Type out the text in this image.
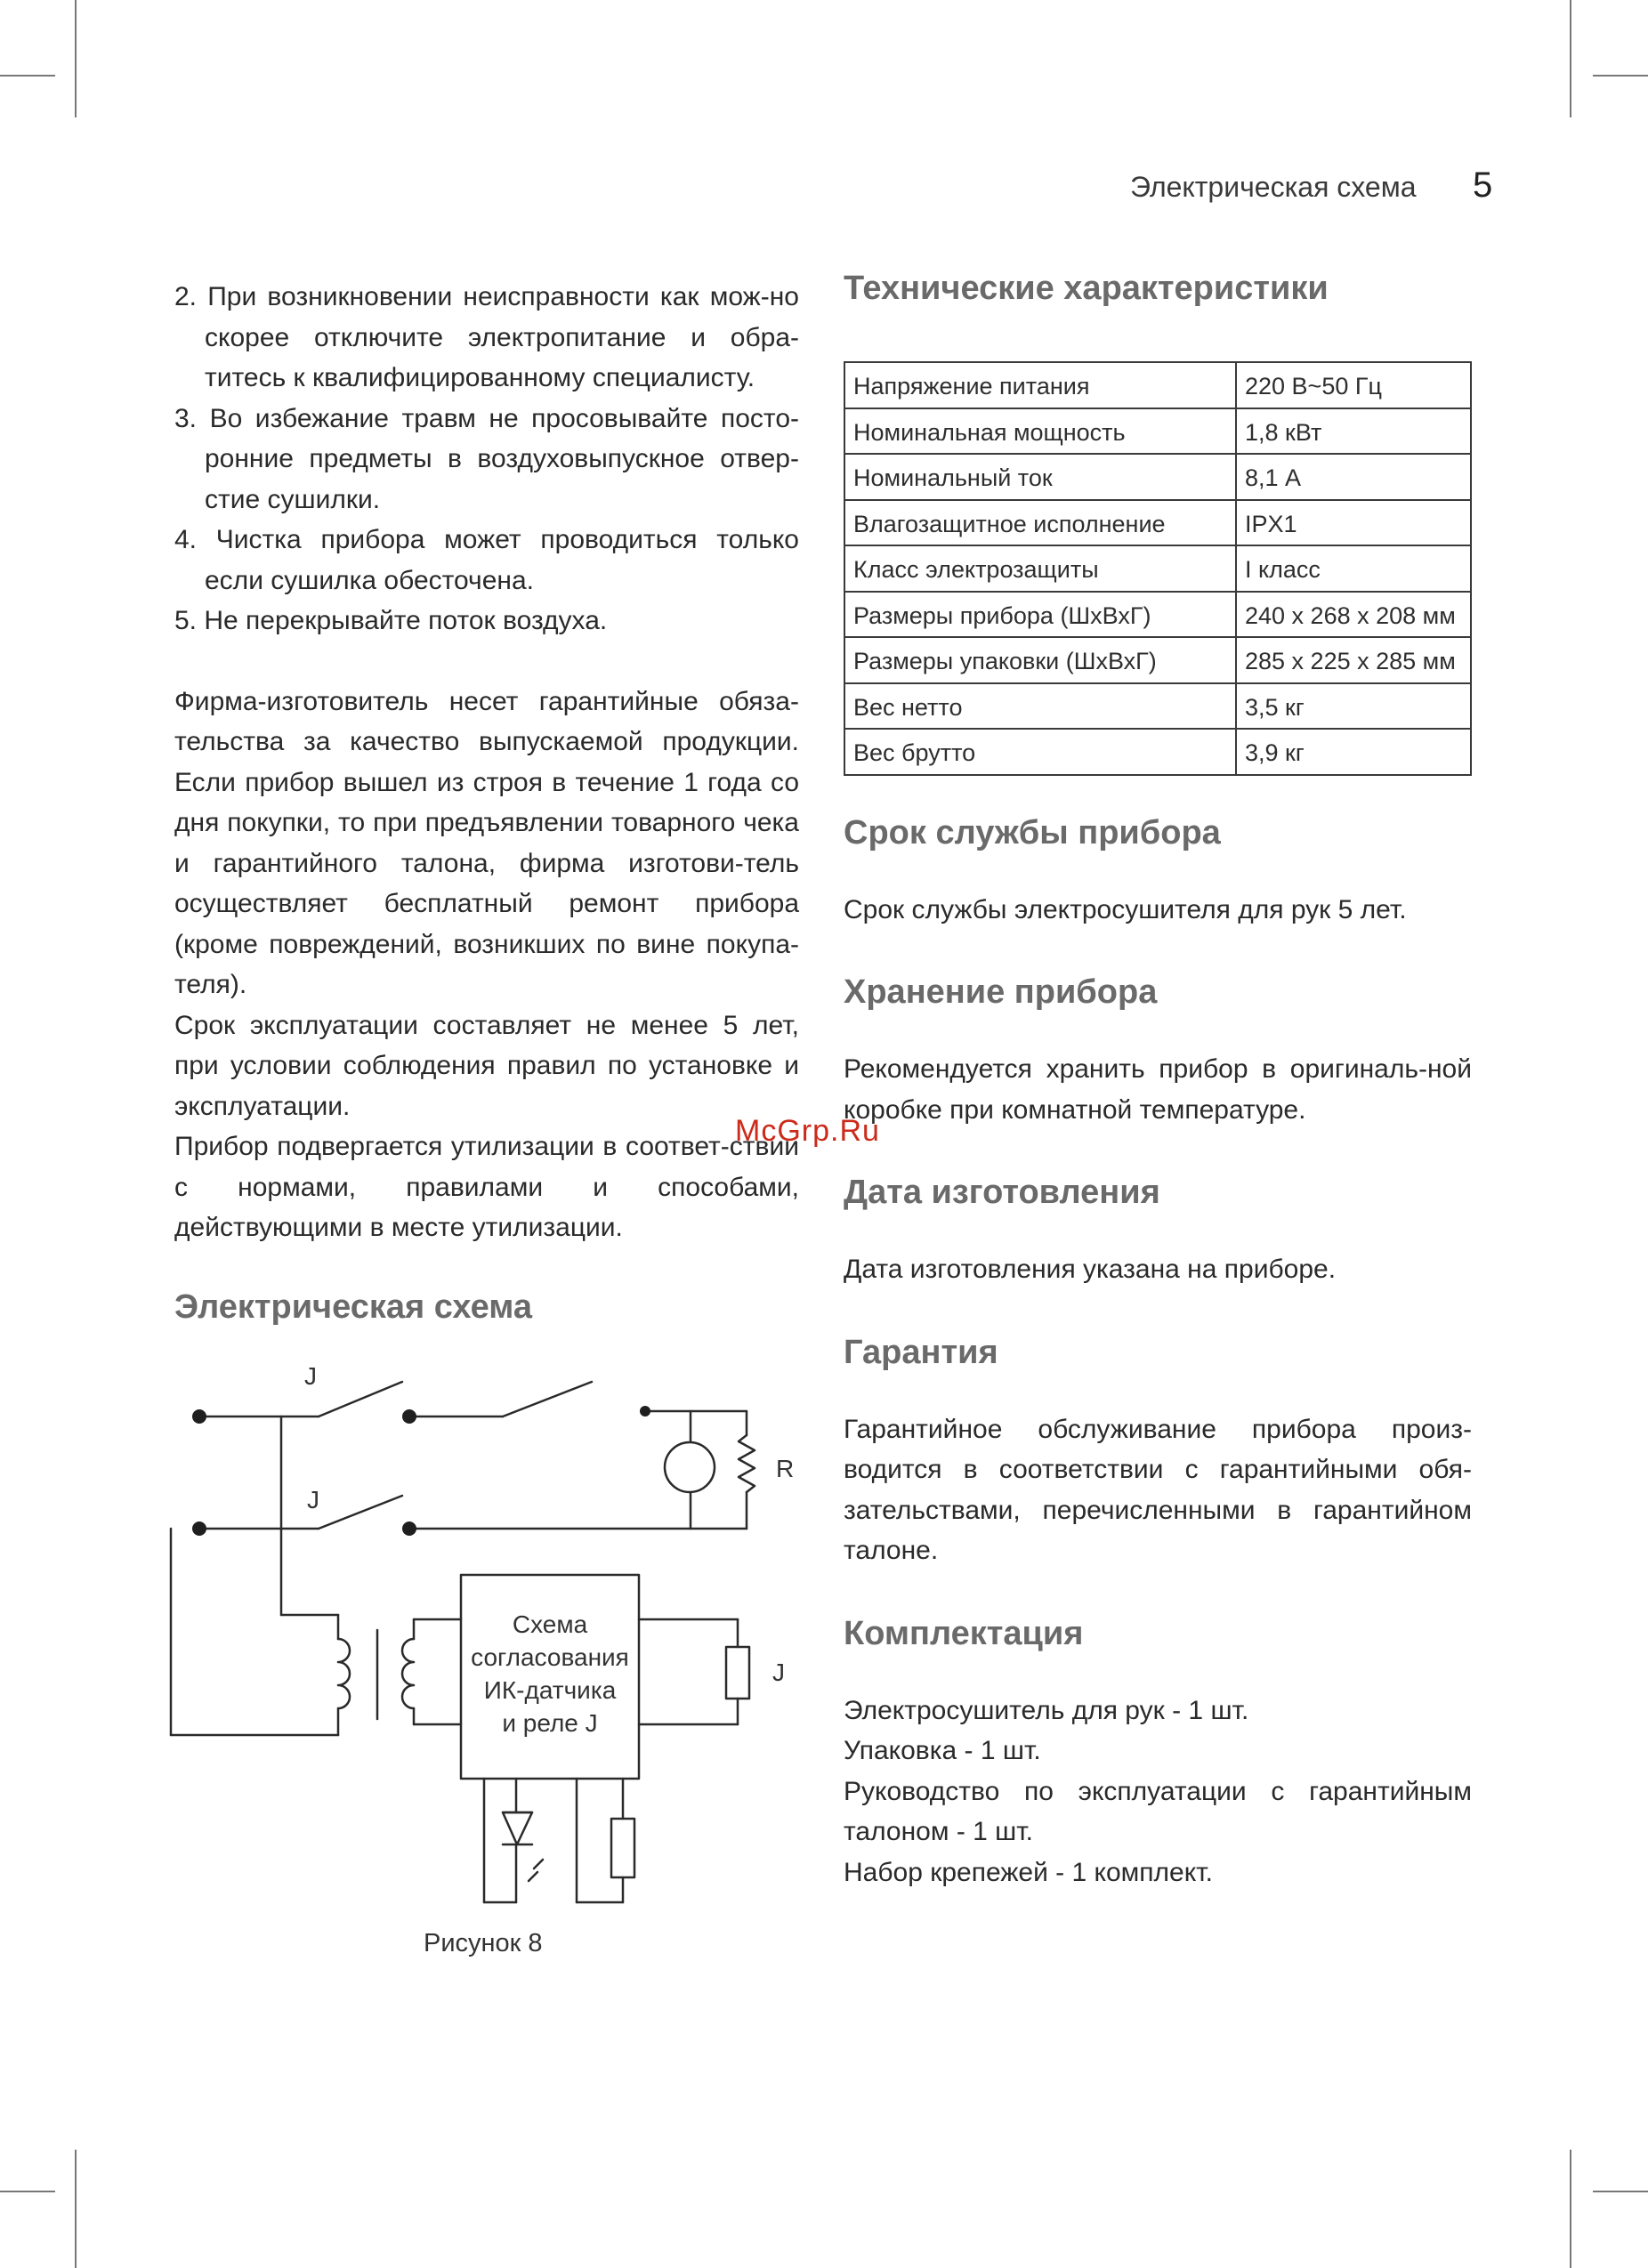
Электрическая схема 5
2. При возникновении неисправности как мож-но скорее отключите электропитание и обра-титесь к квалифицированному специалисту.
3. Во избежание травм не просовывайте посто-ронние предметы в воздуховыпускное отвер-стие сушилки.
4. Чистка прибора может проводиться только если сушилка обесточена.
5. Не перекрывайте поток воздуха.

Фирма-изготовитель несет гарантийные обяза-тельства за качество выпускаемой продукции. Если прибор вышел из строя в течение 1 года со дня покупки, то при предъявлении товарного чека и гарантийного талона, фирма изготови-тель осуществляет бесплатный ремонт прибора (кроме повреждений, возникших по вине покупа-теля).

Срок эксплуатации составляет не менее 5 лет, при условии соблюдения правил по установке и эксплуатации.

Прибор подвергается утилизации в соответ-ствии с нормами, правилами и способами, действующими в месте утилизации.

Электрическая схема
J
J
R
J
Схема
согласования
ИК-датчика
и реле J
Рисунок 8
Технические характеристики
Напряжение питания	220 В~50 Гц
Номинальная мощность	1,8 кВт
Номинальный ток	8,1 А
Влагозащитное исполнение	IPX1
Класс электрозащиты	I класс
Размеры прибора (ШхВхГ)	240 x 268 x 208 мм
Размеры упаковки (ШхВхГ)	285 x 225 x 285 мм
Вес нетто	3,5 кг
Вес брутто	3,9 кг
Срок службы прибора

Срок службы электросушителя для рук 5 лет.

Хранение прибора

Рекомендуется хранить прибор в оригиналь-ной коробке при комнатной температуре.

Дата изготовления

Дата изготовления указана на приборе.

Гарантия

Гарантийное обслуживание прибора произ-водится в соответствии с гарантийными обя-зательствами, перечисленными в гарантийном талоне.

Комплектация

Электросушитель для рук - 1 шт.

Упаковка - 1 шт.

Руководство по эксплуатации с гарантийным талоном - 1 шт.

Набор крепежей - 1 комплект.

McGrp.Ru
